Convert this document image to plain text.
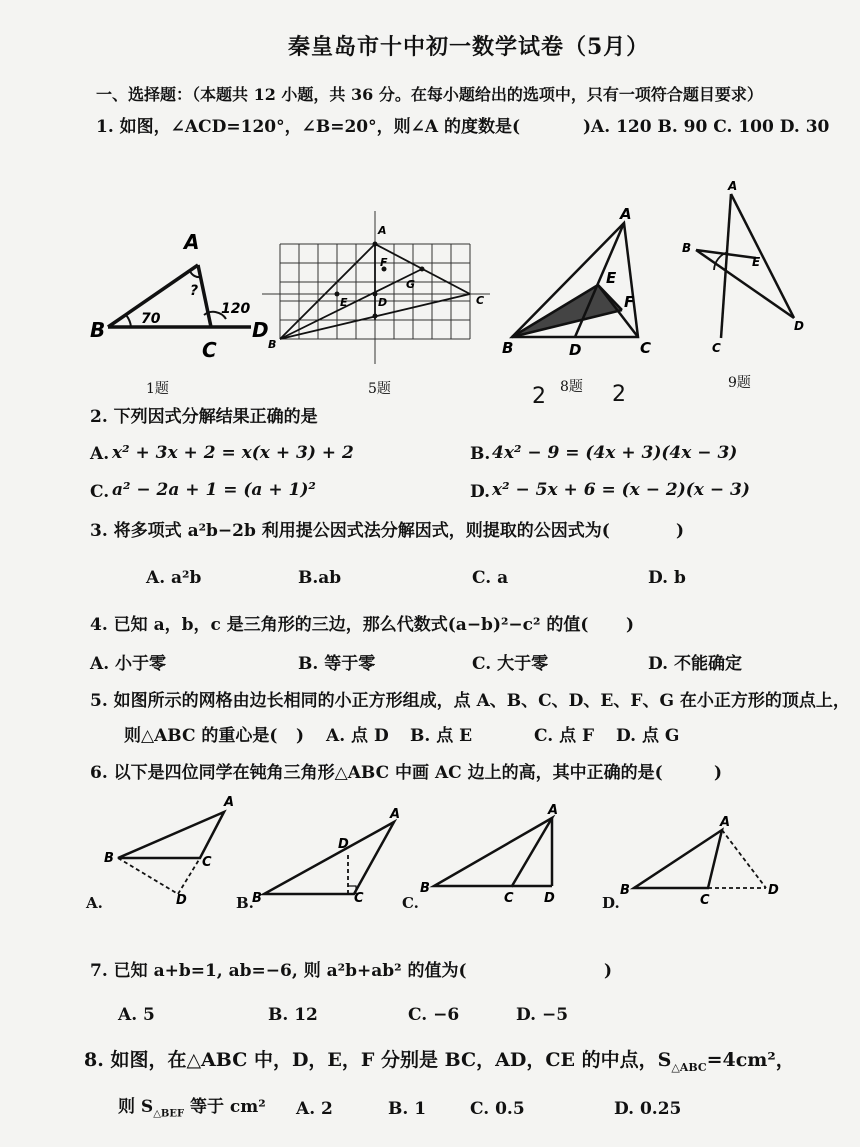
秦皇岛市十中初一数学试卷（5月）
一、选择题：（本题共 12 小题，共 36 分。在每小题给出的选项中，只有一项符合题目要求）
1. 如图，∠ACD=120°，∠B=20°，则∠A 的度数是(	)A. 120 B. 90 C. 100 D. 30
A
B
C
D
70
120
?
1题
A
B
C
D
E
F
G
5题
A
B	C
D
E
F
8题
2	2
A
B
C
D
E
9题
2. 下列因式分解结果正确的是
A. x² + 3x + 2 = x(x + 3) + 2	B. 4x² − 9 = (4x + 3)(4x − 3)
C. a² − 2a + 1 = (a + 1)²	D. x² − 5x + 6 = (x − 2)(x − 3)
3. 将多项式 a²b−2b 利用提公因式法分解因式，则提取的公因式为(	)
A. a²b	B.ab	C. a	D. b
4. 已知 a，b，c 是三角形的三边，那么代数式(a−b)²−c² 的值( )
A. 小于零	B. 等于零	C. 大于零	D. 不能确定
5. 如图所示的网格由边长相同的小正方形组成，点 A、B、C、D、E、F、G 在小正方形的顶点上，
则△ABC 的重心是( ) A. 点 D B. 点 E	C. 点 F D. 点 G
6. 以下是四位同学在钝角三角形△ABC 中画 AC 边上的高，其中正确的是(	)
A.
A
B	C
D	B.
A
B	C
D
C.
A
B
C D	D.
A
B
C
D
7. 已知 a+b=1, ab=−6, 则 a²b+ab² 的值为(	)
A. 5	B. 12	C. −6	D. −5
8. 如图，在△ABC 中，D，E，F 分别是 BC，AD，CE 的中点，$S_{\triangle ABC}=4cm^2$，
则 $S_{\triangle BEF}$ 等于 cm² A. 2	B. 1	C. 0.5	D. 0.25
